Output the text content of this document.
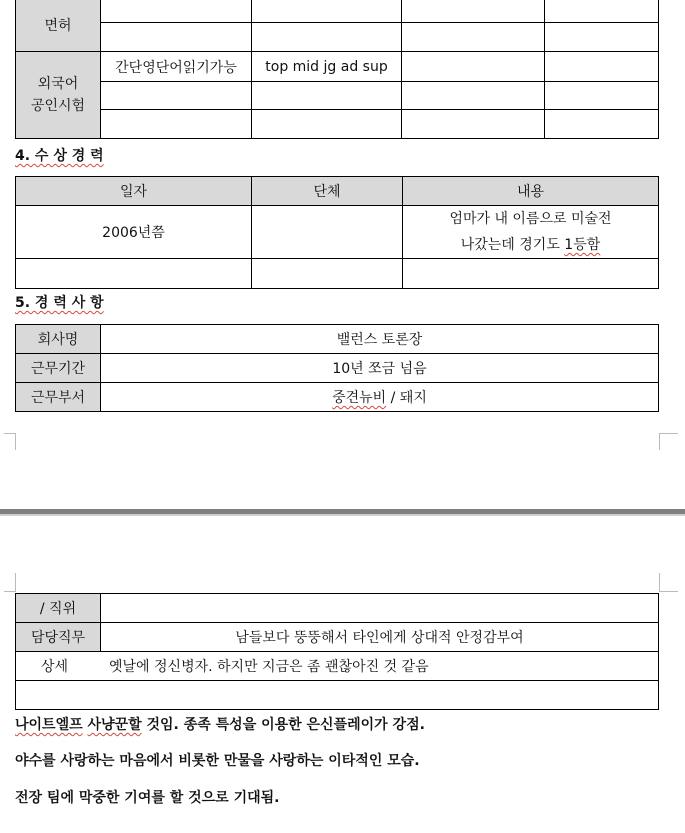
면허				

외국어
공인시험	간단영단어읽기가능	top mid jg ad sup		

4. 수 상 경 력
일자	단체	내용
2006년쯤		엄마가 내 이름으로 미술전
나갔는데 경기도 1등함

5. 경 력 사 항
회사명	밸런스 토론장
근무기간	10년 쪼금 넘음
근무부서	중견뉴비 / 돼지
/ 직위	
담당직무	남들보다 뚱뚱해서 타인에게 상대적 안정감부여
상세 옛날에 정신병자. 하지만 지금은 좀 괜찮아진 것 같음	

나이트엘프 사냥꾼할 것임. 종족 특성을 이용한 은신플레이가 강점.
야수를 사랑하는 마음에서 비롯한 만물을 사랑하는 이타적인 모습.
전장 팀에 막중한 기여를 할 것으로 기대됨.
